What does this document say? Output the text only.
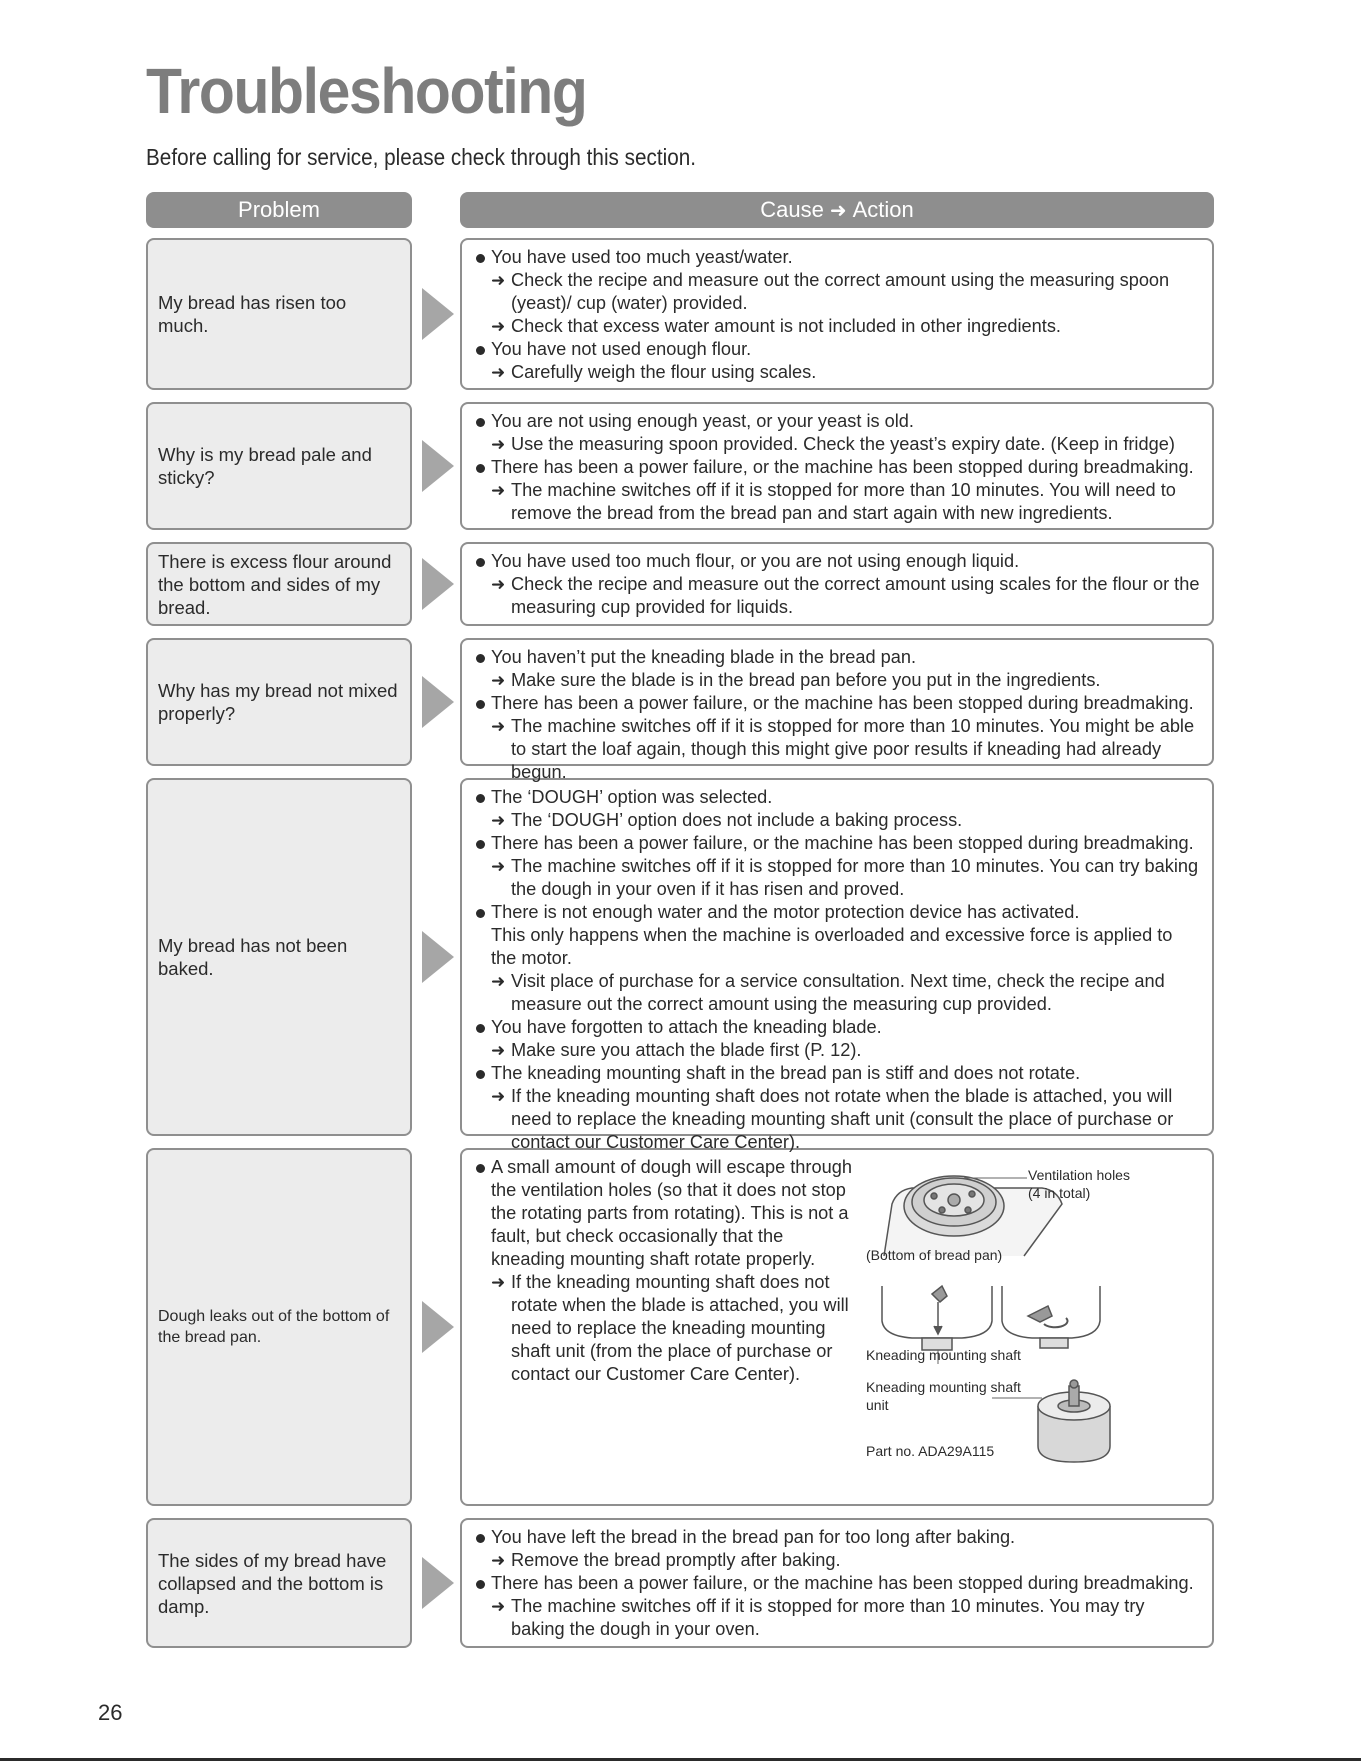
Troubleshooting

Before calling for service, please check through this section.

Problem	Cause ➜ Action
My bread has risen too much.
You have used too much yeast/water.
➜ Check the recipe and measure out the correct amount using the measuring spoon (yeast)/ cup (water) provided.
➜ Check that excess water amount is not included in other ingredients.
You have not used enough flour.
➜ Carefully weigh the flour using scales.
Why is my bread pale and sticky?
You are not using enough yeast, or your yeast is old.
➜ Use the measuring spoon provided. Check the yeast’s expiry date. (Keep in fridge)
There has been a power failure, or the machine has been stopped during breadmaking.
➜ The machine switches off if it is stopped for more than 10 minutes. You will need to remove the bread from the bread pan and start again with new ingredients.
There is excess flour around the bottom and sides of my bread.
You have used too much flour, or you are not using enough liquid.
➜ Check the recipe and measure out the correct amount using scales for the flour or the measuring cup provided for liquids.
Why has my bread not mixed properly?
You haven’t put the kneading blade in the bread pan.
➜ Make sure the blade is in the bread pan before you put in the ingredients.
There has been a power failure, or the machine has been stopped during breadmaking.
➜ The machine switches off if it is stopped for more than 10 minutes. You might be able to start the loaf again, though this might give poor results if kneading had already begun.
My bread has not been baked.
The ‘DOUGH’ option was selected.
➜ The ‘DOUGH’ option does not include a baking process.
There has been a power failure, or the machine has been stopped during breadmaking.
➜ The machine switches off if it is stopped for more than 10 minutes. You can try baking the dough in your oven if it has risen and proved.
There is not enough water and the motor protection device has activated.
This only happens when the machine is overloaded and excessive force is applied to the motor.
➜ Visit place of purchase for a service consultation. Next time, check the recipe and measure out the correct amount using the measuring cup provided.
You have forgotten to attach the kneading blade.
➜ Make sure you attach the blade first (P. 12).
The kneading mounting shaft in the bread pan is stiff and does not rotate.
➜ If the kneading mounting shaft does not rotate when the blade is attached, you will need to replace the kneading mounting shaft unit (consult the place of purchase or contact our Customer Care Center).
Dough leaks out of the bottom of the bread pan.
A small amount of dough will escape through the ventilation holes (so that it does not stop the rotating parts from rotating). This is not a fault, but check occasionally that the kneading mounting shaft rotate properly.
➜ If the kneading mounting shaft does not rotate when the blade is attached, you will need to replace the kneading mounting shaft unit (from the place of purchase or contact our Customer Care Center).
Ventilation holes
(4 in total)
(Bottom of bread pan)
Kneading mounting shaft
Kneading mounting shaft
unit
Part no. ADA29A115
The sides of my bread have collapsed and the bottom is damp.
You have left the bread in the bread pan for too long after baking.
➜ Remove the bread promptly after baking.
There has been a power failure, or the machine has been stopped during breadmaking.
➜ The machine switches off if it is stopped for more than 10 minutes. You may try baking the dough in your oven.
26
